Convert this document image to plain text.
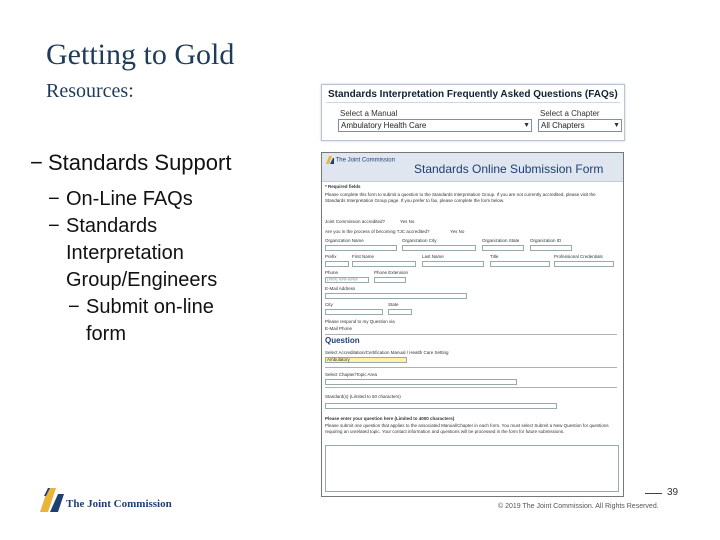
Getting to Gold
Resources:
− Standards Support
− On-Line FAQs
− Standards
Interpretation
Group/Engineers
− Submit on-line
form
Standards Interpretation Frequently Asked Questions (FAQs)
Select a Manual
Ambulatory Health Care	▼
Select a Chapter
All Chapters	▼
The Joint Commission
Standards Online Submission Form
* Required fields
Please complete this form to submit a question to the Standards Interpretation Group. If you are not currently accredited, please visit the Standards Interpretation Group page. If you prefer to fax, please complete the form below.
Joint Commission accredited?	Yes No
Are you in the process of becoming TJC accredited?	Yes No
Organization Name	Organization City	Organization State Organization ID
Prefix	First Name	Last Name	Title	Professional Credentials
Phone	Phone Extension
(###) ###-####
E-Mail Address
City	State
Please respond to my Question via
E-Mail Phone
Question
Select Accreditation/Certification Manual / Health Care Setting
Ambulatory
Select Chapter/Topic Area
Standard(s) (Limited to 50 characters)
Please enter your question here (Limited to 4000 characters)
Please submit one question that applies to the associated Manual/Chapter in each form. You must select Submit a New Question for questions requiring an unrelated topic. Your contact information and questions will be processed in the form for future submissions.
The Joint Commission
39
© 2019 The Joint Commission. All Rights Reserved.
